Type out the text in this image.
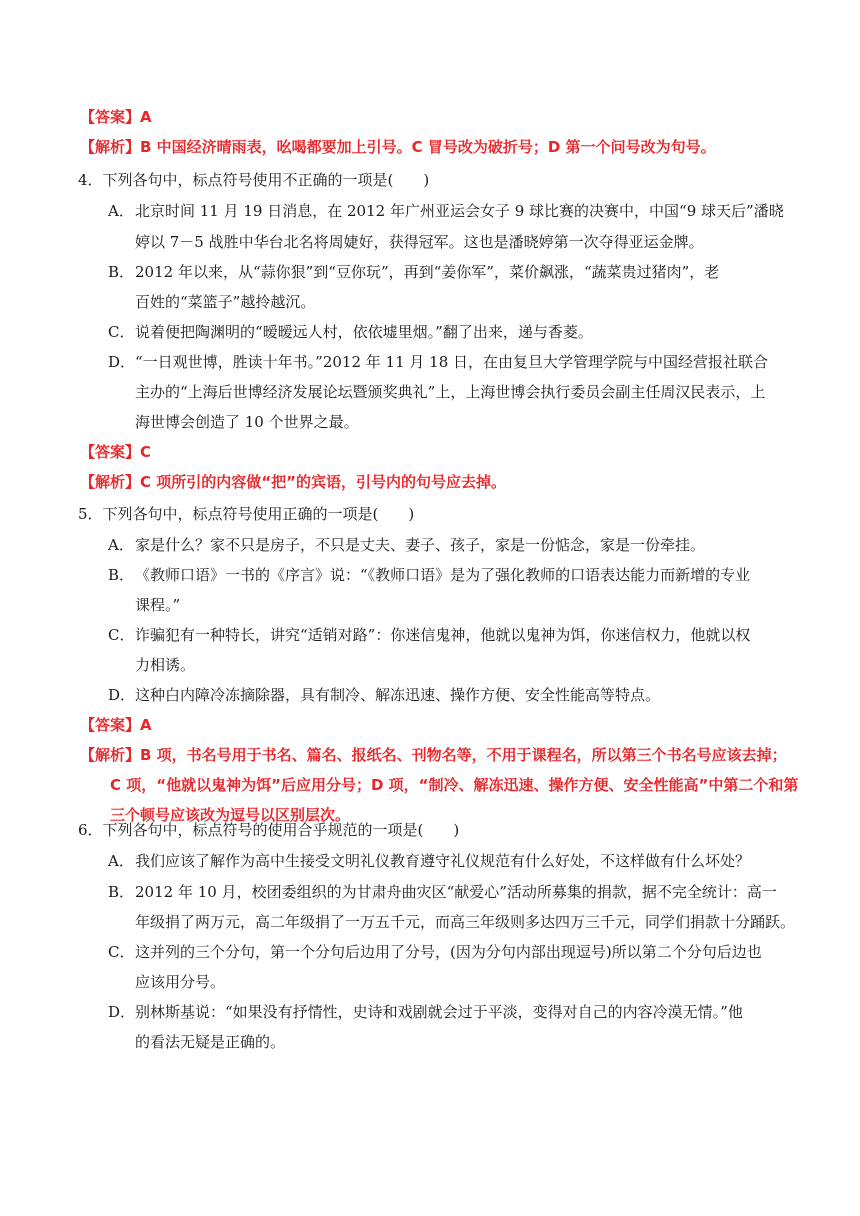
【答案】A
【解析】B 中国经济晴雨表，吆喝都要加上引号。C 冒号改为破折号；D 第一个问号改为句号。
4．下列各句中，标点符号使用不正确的一项是(　　)
A．北京时间 11 月 19 日消息，在 2012 年广州亚运会女子 9 球比赛的决赛中，中国“9 球天后”潘晓
婷以 7－5 战胜中华台北名将周婕好，获得冠军。这也是潘晓婷第一次夺得亚运金牌。
B．2012 年以来，从“蒜你狠”到“豆你玩”，再到“姜你军”，菜价飙涨，“蔬菜贵过猪肉”，老
百姓的“菜篮子”越拎越沉。
C．说着便把陶渊明的“暧暧远人村，依依墟里烟。”翻了出来，递与香菱。
D．“一日观世博，胜读十年书。”2012 年 11 月 18 日，在由复旦大学管理学院与中国经营报社联合
主办的“上海后世博经济发展论坛暨颁奖典礼”上，上海世博会执行委员会副主任周汉民表示，上
海世博会创造了 10 个世界之最。
【答案】C
【解析】C 项所引的内容做“把”的宾语，引号内的句号应去掉。
5．下列各句中，标点符号使用正确的一项是(　　)
A．家是什么？家不只是房子，不只是丈夫、妻子、孩子，家是一份惦念，家是一份牵挂。
B．《教师口语》一书的《序言》说：“《教师口语》是为了强化教师的口语表达能力而新增的专业
课程。”
C．诈骗犯有一种特长，讲究“适销对路”：你迷信鬼神，他就以鬼神为饵，你迷信权力，他就以权
力相诱。
D．这种白内障冷冻摘除器，具有制冷、解冻迅速、操作方便、安全性能高等特点。
【答案】A
【解析】B 项，书名号用于书名、篇名、报纸名、刊物名等，不用于课程名，所以第三个书名号应该去掉；
C 项，“他就以鬼神为饵”后应用分号；D 项，“制冷、解冻迅速、操作方便、安全性能高”中第二个和第
三个顿号应该改为逗号以区别层次。
6．下列各句中，标点符号的使用合乎规范的一项是(　　)
A．我们应该了解作为高中生接受文明礼仪教育遵守礼仪规范有什么好处，不这样做有什么坏处？
B．2012 年 10 月，校团委组织的为甘肃舟曲灾区“献爱心”活动所募集的捐款，据不完全统计：高一
年级捐了两万元，高二年级捐了一万五千元，而高三年级则多达四万三千元，同学们捐款十分踊跃。
C．这并列的三个分句，第一个分句后边用了分号，(因为分句内部出现逗号)所以第二个分句后边也
应该用分号。
D．别林斯基说：“如果没有抒情性，史诗和戏剧就会过于平淡，变得对自己的内容冷漠无情。”他
的看法无疑是正确的。
